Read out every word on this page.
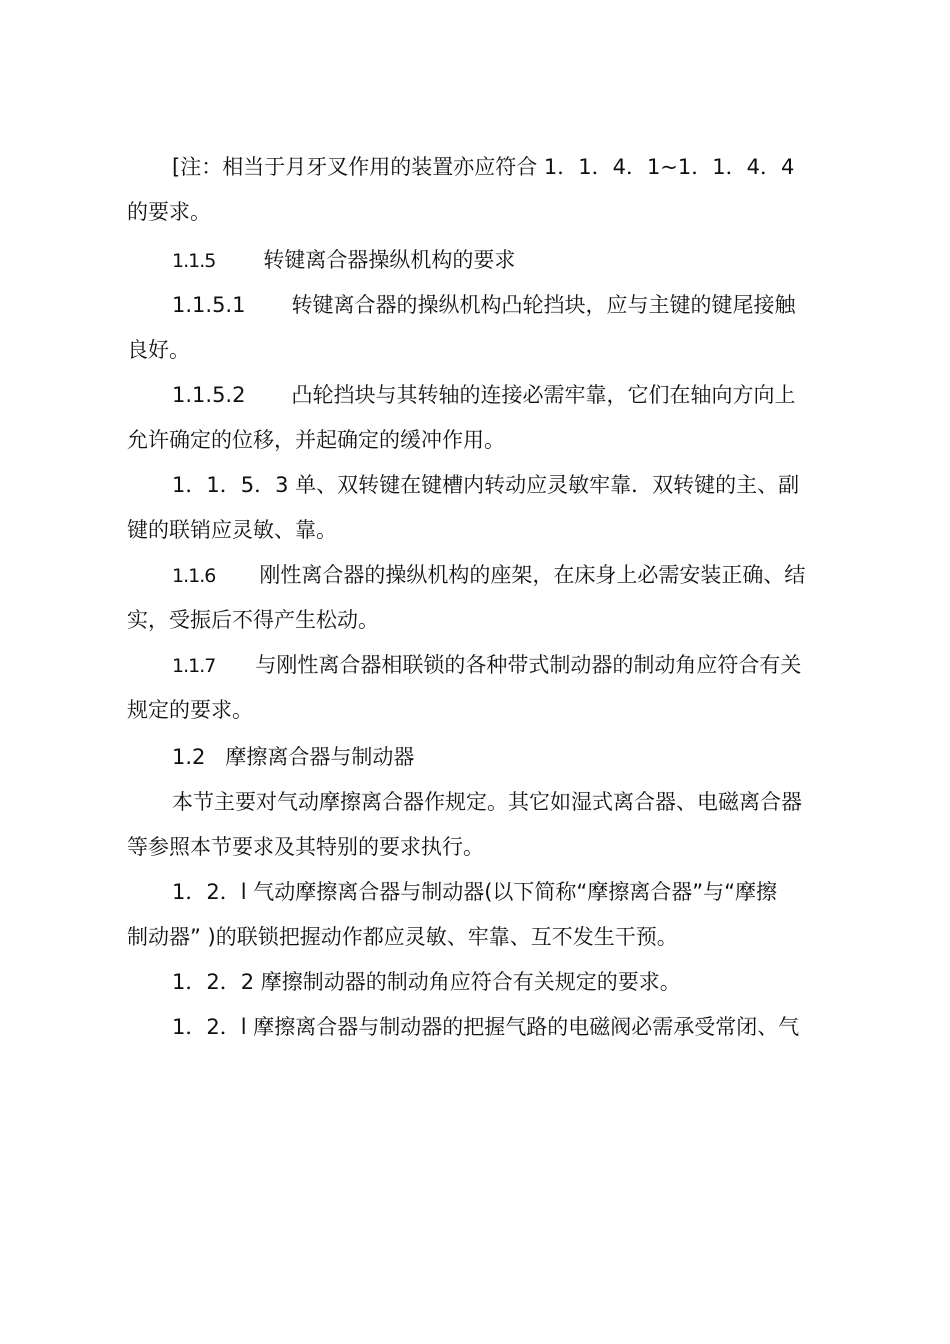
[注：相当于月牙叉作用的装置亦应符合 1．1．4．1~1．1．4．4
的要求。
1.1.5 转键离合器操纵机构的要求
1.1.5.1 转键离合器的操纵机构凸轮挡块，应与主键的键尾接触
良好。
1.1.5.2 凸轮挡块与其转轴的连接必需牢靠，它们在轴向方向上
允许确定的位移，并起确定的缓冲作用。
1．1．5．3 单、双转键在键槽内转动应灵敏牢靠．双转键的主、副
键的联销应灵敏、靠。
1.1.6 刚性离合器的操纵机构的座架，在床身上必需安装正确、结
实，受振后不得产生松动。
1.1.7 与刚性离合器相联锁的各种带式制动器的制动角应符合有关
规定的要求。
1.2 摩擦离合器与制动器
本节主要对气动摩擦离合器作规定。其它如湿式离合器、电磁离合器
等参照本节要求及其特别的要求执行。
1．2．l 气动摩擦离合器与制动器(以下简称“摩擦离合器”与“摩擦
制动器” )的联锁把握动作都应灵敏、牢靠、互不发生干预。
1．2．2 摩擦制动器的制动角应符合有关规定的要求。
1．2．l 摩擦离合器与制动器的把握气路的电磁阀必需承受常闭、气
